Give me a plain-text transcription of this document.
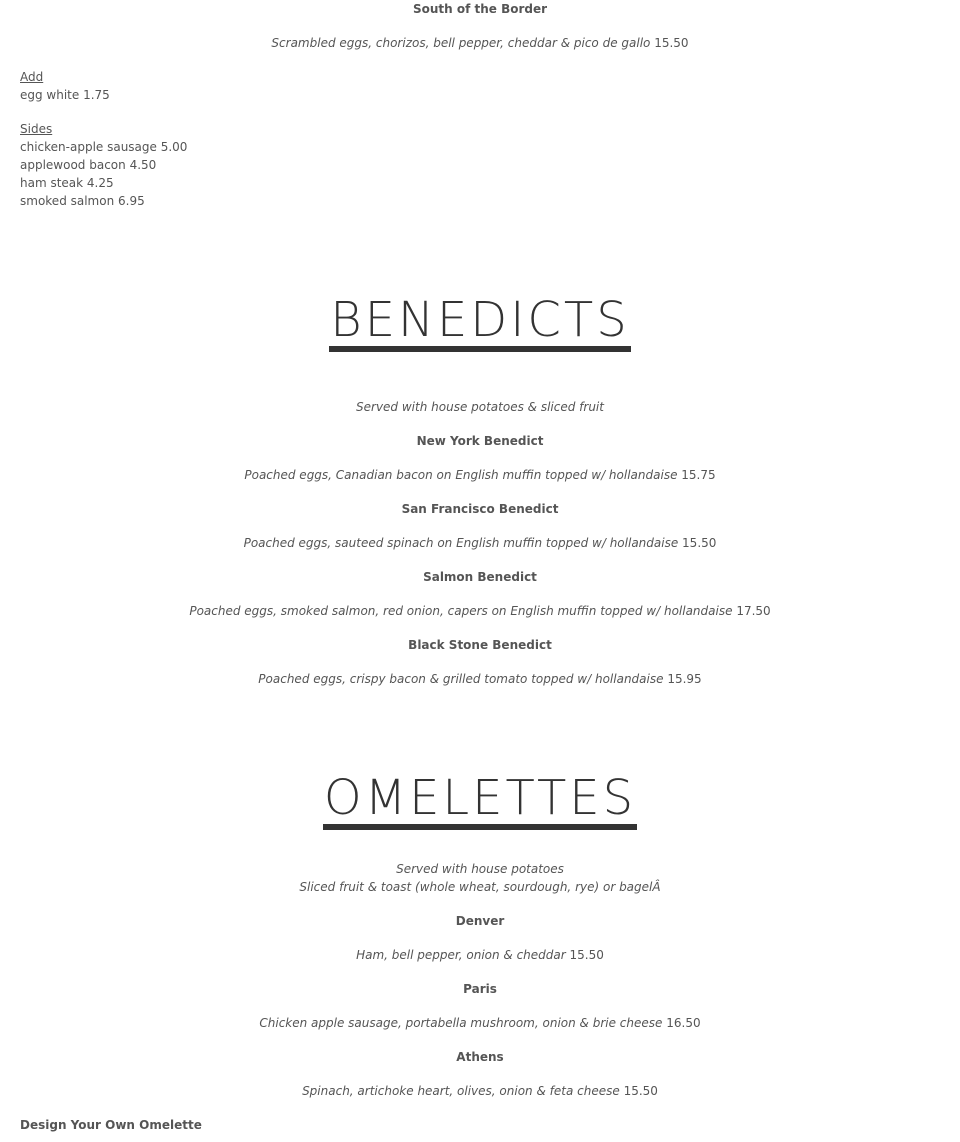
South of the Border
Scrambled eggs, chorizos, bell pepper, cheddar & pico de gallo 15.50
Add
egg white 1.75
Sides
chicken-apple sausage 5.00
applewood bacon 4.50
ham steak 4.25
smoked salmon 6.95
BENEDICTS
Served with house potatoes & sliced fruit
New York Benedict
Poached eggs, Canadian bacon on English muffin topped w/ hollandaise 15.75
San Francisco Benedict
Poached eggs, sauteed spinach on English muffin topped w/ hollandaise 15.50
Salmon Benedict
Poached eggs, smoked salmon, red onion, capers on English muffin topped w/ hollandaise 17.50
Black Stone Benedict
Poached eggs, crispy bacon & grilled tomato topped w/ hollandaise 15.95
OMELETTES
Served with house potatoes
Sliced fruit & toast (whole wheat, sourdough, rye) or bagelÂ
Denver
Ham, bell pepper, onion & cheddar 15.50
Paris
Chicken apple sausage, portabella mushroom, onion & brie cheese 16.50
Athens
Spinach, artichoke heart, olives, onion & feta cheese 15.50
Design Your Own Omelette
